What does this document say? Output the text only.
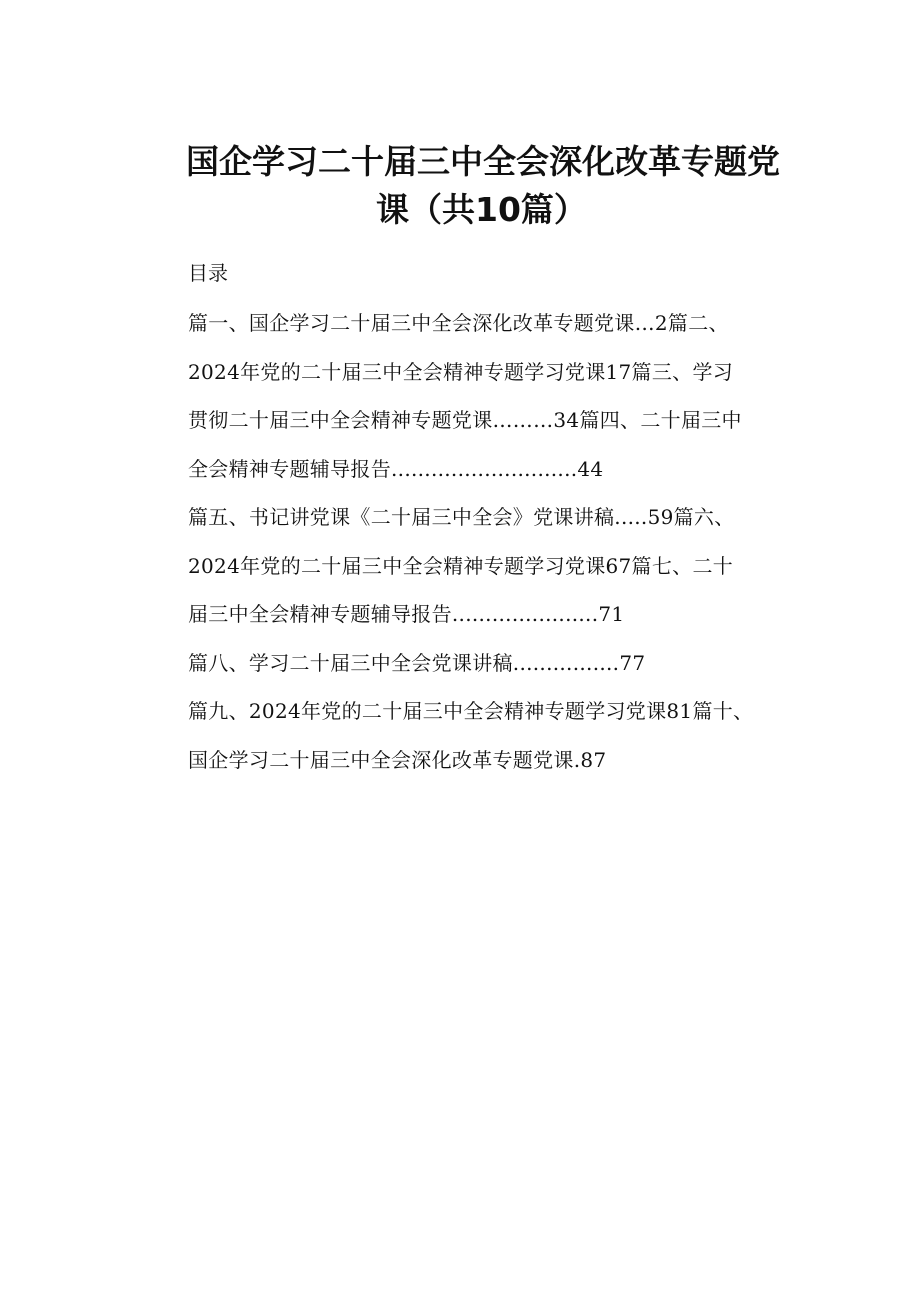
国企学习二十届三中全会深化改革专题党
课（共10篇）
目录
篇一、国企学习二十届三中全会深化改革专题党课…2篇二、
2024年党的二十届三中全会精神专题学习党课17篇三、学习
贯彻二十届三中全会精神专题党课………34篇四、二十届三中
全会精神专题辅导报告............................44
篇五、书记讲党课《二十届三中全会》党课讲稿.....59篇六、
2024年党的二十届三中全会精神专题学习党课67篇七、二十
届三中全会精神专题辅导报告......................71
篇八、学习二十届三中全会党课讲稿................77
篇九、2024年党的二十届三中全会精神专题学习党课81篇十、
国企学习二十届三中全会深化改革专题党课.87
